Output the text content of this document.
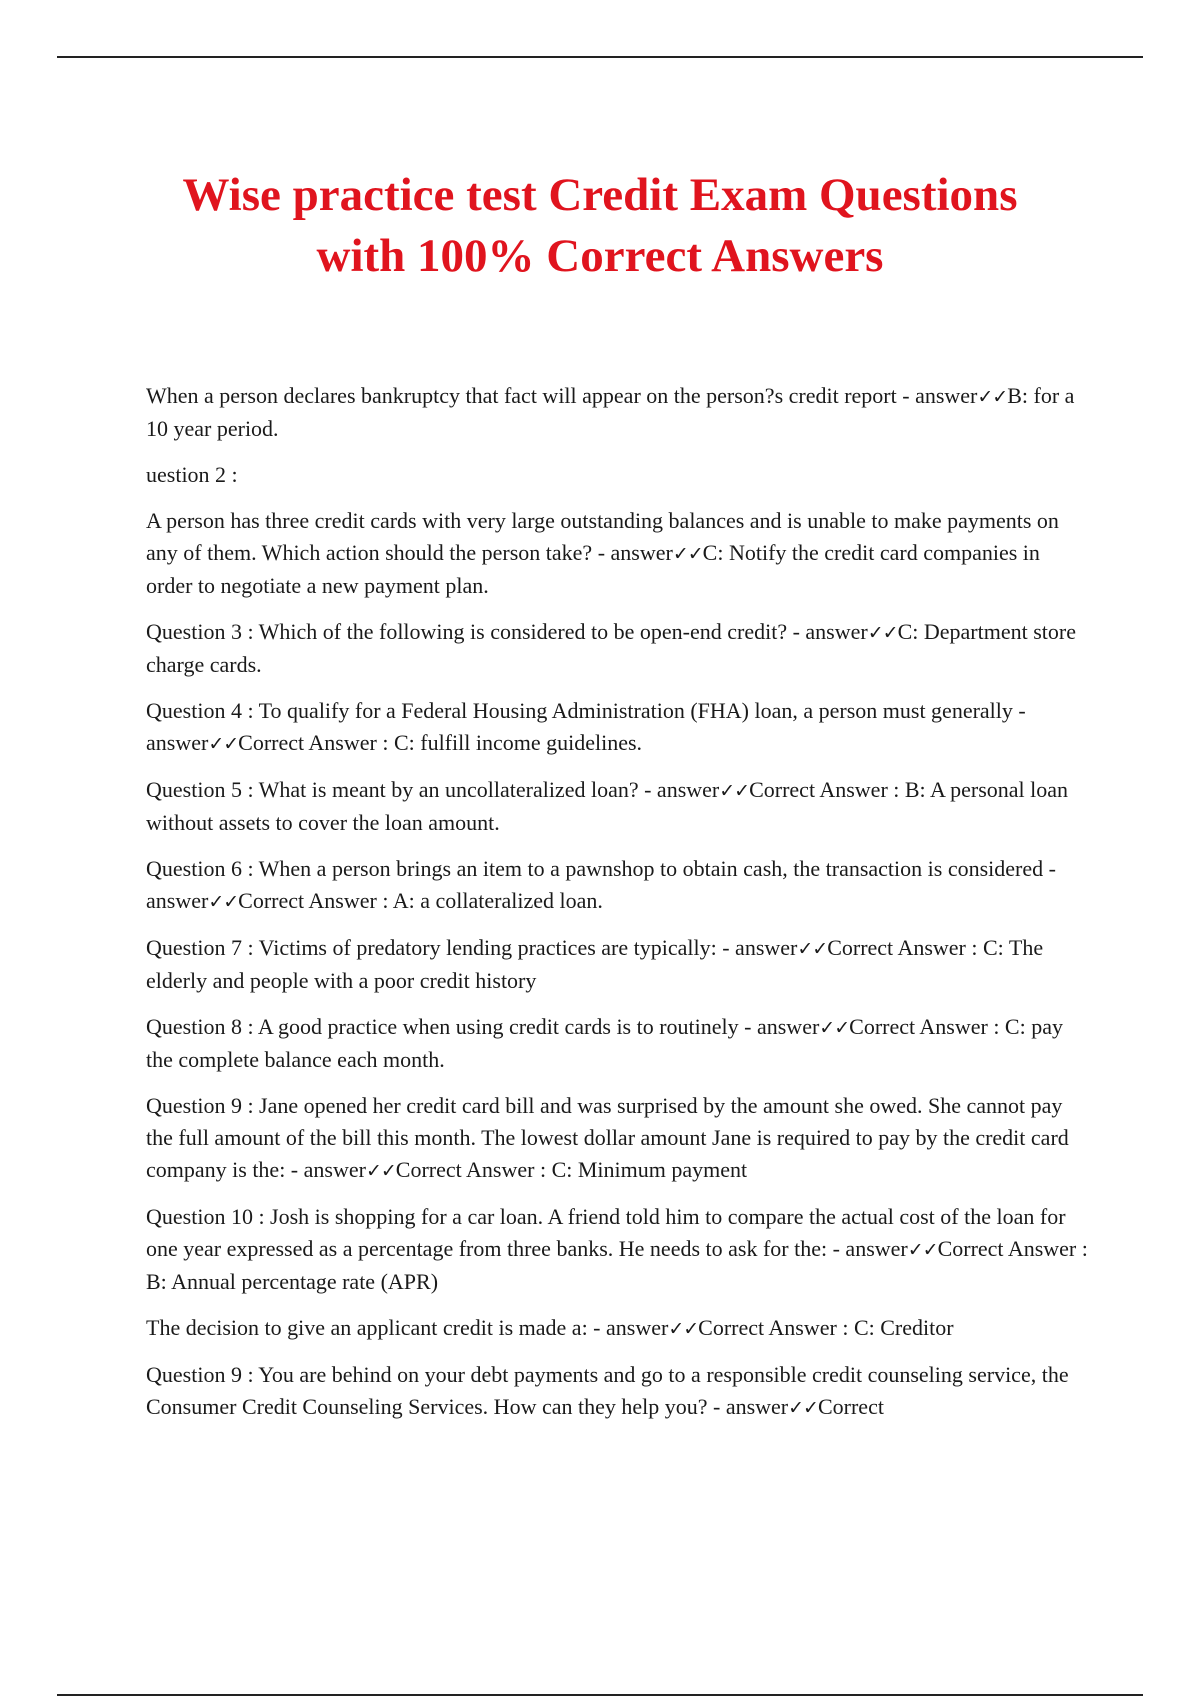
Wise practice test Credit Exam Questions
with 100% Correct Answers

When a person declares bankruptcy that fact will appear on the person?s credit report - answer✓✓B: for a 10 year period.

uestion 2 :

A person has three credit cards with very large outstanding balances and is unable to make payments on any of them. Which action should the person take? - answer✓✓C: Notify the credit card companies in order to negotiate a new payment plan.

Question 3 : Which of the following is considered to be open-end credit? - answer✓✓C: Department store charge cards.

Question 4 : To qualify for a Federal Housing Administration (FHA) loan, a person must generally - answer✓✓Correct Answer : C: fulfill income guidelines.

Question 5 : What is meant by an uncollateralized loan? - answer✓✓Correct Answer : B: A personal loan without assets to cover the loan amount.

Question 6 : When a person brings an item to a pawnshop to obtain cash, the transaction is considered - answer✓✓Correct Answer : A: a collateralized loan.

Question 7 : Victims of predatory lending practices are typically: - answer✓✓Correct Answer : C: The elderly and people with a poor credit history

Question 8 : A good practice when using credit cards is to routinely - answer✓✓Correct Answer : C: pay the complete balance each month.

Question 9 : Jane opened her credit card bill and was surprised by the amount she owed. She cannot pay the full amount of the bill this month. The lowest dollar amount Jane is required to pay by the credit card company is the: - answer✓✓Correct Answer : C: Minimum payment

Question 10 : Josh is shopping for a car loan. A friend told him to compare the actual cost of the loan for one year expressed as a percentage from three banks. He needs to ask for the: - answer✓✓Correct Answer : B: Annual percentage rate (APR)

The decision to give an applicant credit is made a: - answer✓✓Correct Answer : C: Creditor

Question 9 : You are behind on your debt payments and go to a responsible credit counseling service, the Consumer Credit Counseling Services. How can they help you? - answer✓✓Correct
